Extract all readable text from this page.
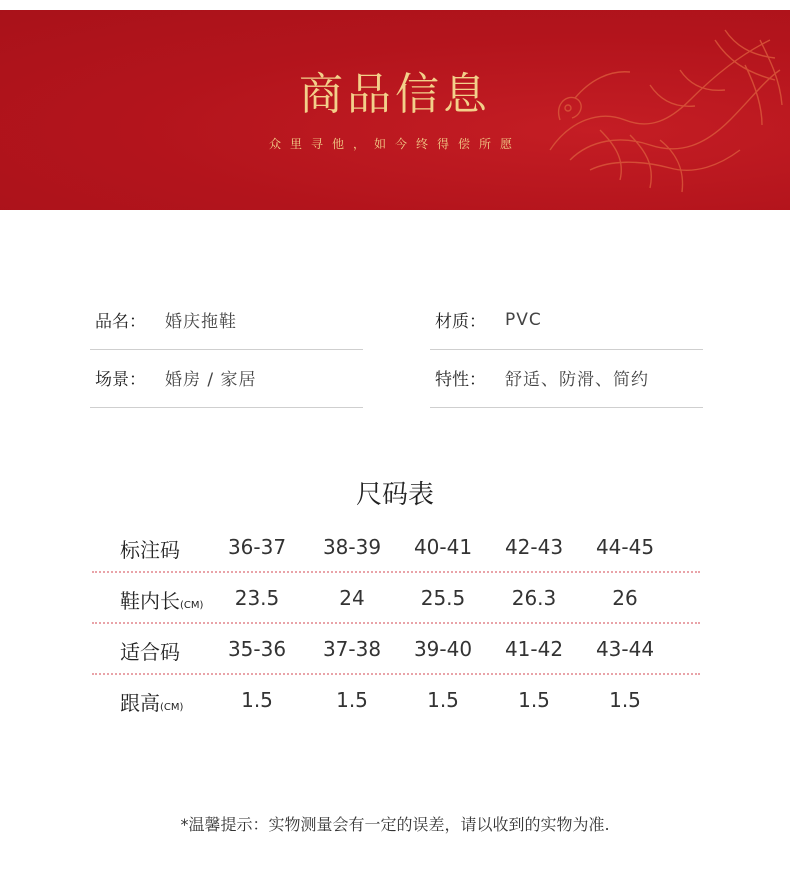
商品信息
众里寻他，如今终得偿所愿
品名：	婚庆拖鞋	材质：	PVC
场景：	婚房 / 家居	特性：	舒适、防滑、简约
尺码表
标注码	36-37	38-39	40-41	42-43	44-45
鞋内长(CM)	23.5	24	25.5	26.3	26
适合码	35-36	37-38	39-40	41-42	43-44
跟高(CM)	1.5	1.5	1.5	1.5	1.5
*温馨提示：实物测量会有一定的误差，请以收到的实物为准.
